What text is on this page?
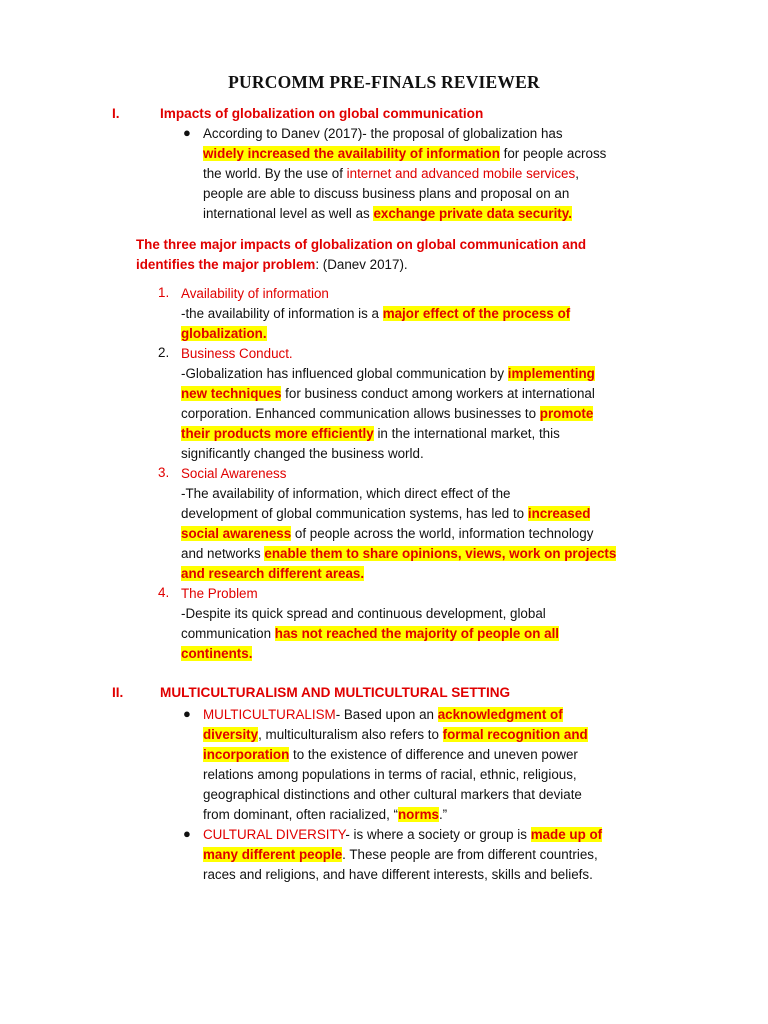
PURCOMM PRE-FINALS REVIEWER
I.	Impacts of globalization on global communication
● According to Danev (2017)- the proposal of globalization has
widely increased the availability of information for people across
the world. By the use of internet and advanced mobile services,
people are able to discuss business plans and proposal on an
international level as well as exchange private data security.
The three major impacts of globalization on global communication and
identifies the major problem: (Danev 2017).
1. Availability of information
-the availability of information is a major effect of the process of
globalization.
2. Business Conduct.
-Globalization has influenced global communication by implementing
new techniques for business conduct among workers at international
corporation. Enhanced communication allows businesses to promote
their products more efficiently in the international market, this
significantly changed the business world.
3. Social Awareness
-The availability of information, which direct effect of the
development of global communication systems, has led to increased
social awareness of people across the world, information technology
and networks enable them to share opinions, views, work on projects
and research different areas.
4. The Problem
-Despite its quick spread and continuous development, global
communication has not reached the majority of people on all
continents.
II.	MULTICULTURALISM AND MULTICULTURAL SETTING
● MULTICULTURALISM- Based upon an acknowledgment of
diversity, multiculturalism also refers to formal recognition and
incorporation to the existence of difference and uneven power
relations among populations in terms of racial, ethnic, religious,
geographical distinctions and other cultural markers that deviate
from dominant, often racialized, “norms.”
● CULTURAL DIVERSITY- is where a society or group is made up of
many different people. These people are from different countries,
races and religions, and have different interests, skills and beliefs.
